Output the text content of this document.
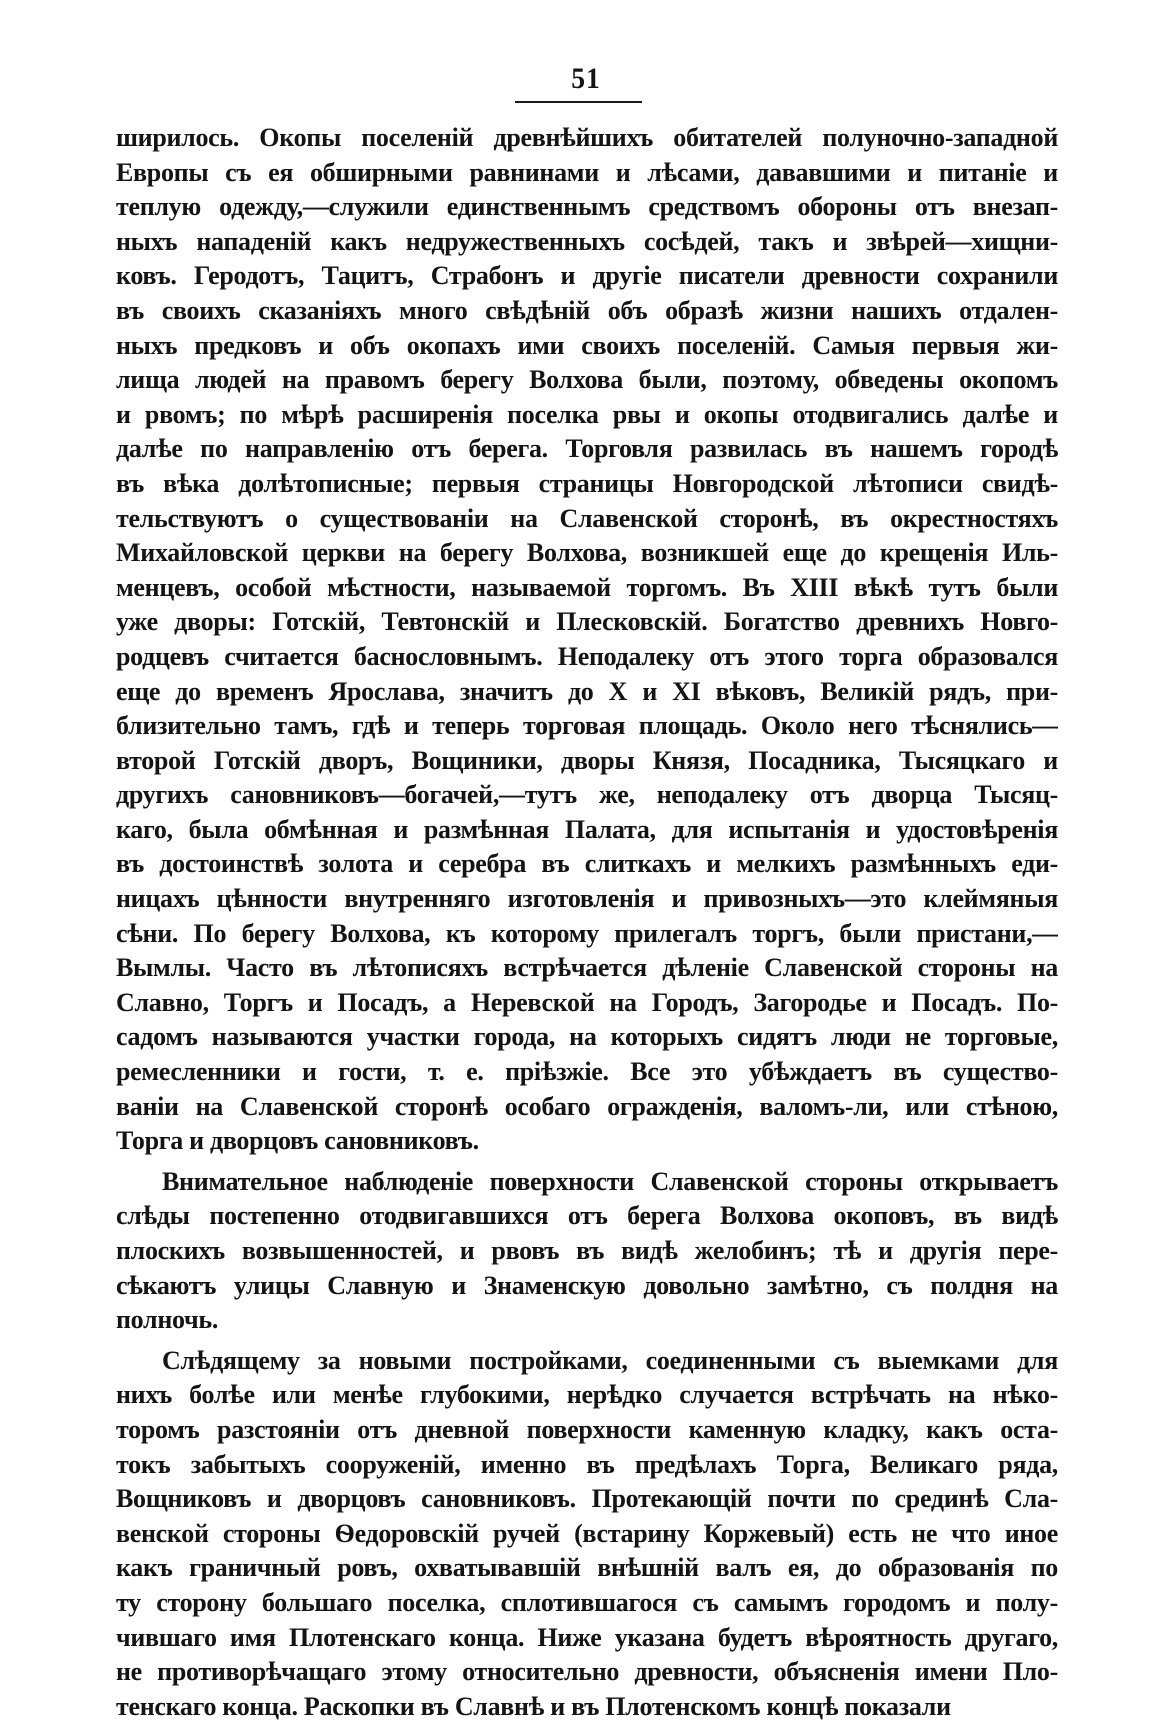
51
ширилось. Окопы поселеній древнѣйшихъ обитателей полуночно-западной
Европы съ ея обширными равнинами и лѣсами, дававшими и питаніе и
теплую одежду,—служили единственнымъ средствомъ обороны отъ внезап-
ныхъ нападеній какъ недружественныхъ сосѣдей, такъ и звѣрей—хищни-
ковъ. Геродотъ, Тацитъ, Страбонъ и другіе писатели древности сохранили
въ своихъ сказаніяхъ много свѣдѣній объ образѣ жизни нашихъ отдален-
ныхъ предковъ и объ окопахъ ими своихъ поселеній. Самыя первыя жи-
лища людей на правомъ берегу Волхова были, поэтому, обведены окопомъ
и рвомъ; по мѣрѣ расширенія поселка рвы и окопы отодвигались далѣе и
далѣе по направленію отъ берега. Торговля развилась въ нашемъ городѣ
въ вѣка долѣтописные; первыя страницы Новгородской лѣтописи свидѣ-
тельствуютъ о существованіи на Славенской сторонѣ, въ окрестностяхъ
Михайловской церкви на берегу Волхова, возникшей еще до крещенія Иль-
менцевъ, особой мѣстности, называемой торгомъ. Въ XIII вѣкѣ тутъ были
уже дворы: Готскій, Тевтонскій и Плесковскій. Богатство древнихъ Новго-
родцевъ считается баснословнымъ. Неподалеку отъ этого торга образовался
еще до временъ Ярослава, значитъ до X и XI вѣковъ, Великій рядъ, при-
близительно тамъ, гдѣ и теперь торговая площадь. Около него тѣснялись—
второй Готскій дворъ, Вощиники, дворы Князя, Посадника, Тысяцкаго и
другихъ сановниковъ—богачей,—тутъ же, неподалеку отъ дворца Тысяц-
каго, была обмѣнная и размѣнная Палата, для испытанія и удостовѣренія
въ достоинствѣ золота и серебра въ слиткахъ и мелкихъ размѣнныхъ еди-
ницахъ цѣнности внутренняго изготовленія и привозныхъ—это клеймяныя
сѣни. По берегу Волхова, къ которому прилегалъ торгъ, были пристани,—
Вымлы. Часто въ лѣтописяхъ встрѣчается дѣленіе Славенской стороны на
Славно, Торгъ и Посадъ, а Неревской на Городъ, Загородье и Посадъ. По-
садомъ называются участки города, на которыхъ сидятъ люди не торговые,
ремесленники и гости, т. е. пріѣзжіе. Все это убѣждаетъ въ существо-
ваніи на Славенской сторонѣ особаго огражденія, валомъ-ли, или стѣною,
Торга и дворцовъ сановниковъ.
Внимательное наблюденіе поверхности Славенской стороны открываетъ
слѣды постепенно отодвигавшихся отъ берега Волхова окоповъ, въ видѣ
плоскихъ возвышенностей, и рвовъ въ видѣ желобинъ; тѣ и другія пере-
сѣкаютъ улицы Славную и Знаменскую довольно замѣтно, съ полдня на
полночь.
Слѣдящему за новыми постройками, соединенными съ выемками для
нихъ болѣе или менѣе глубокими, нерѣдко случается встрѣчать на нѣко-
торомъ разстояніи отъ дневной поверхности каменную кладку, какъ оста-
токъ забытыхъ сооруженій, именно въ предѣлахъ Торга, Великаго ряда,
Вощниковъ и дворцовъ сановниковъ. Протекающій почти по срединѣ Сла-
венской стороны Ѳедоровскій ручей (встарину Коржевый) есть не что иное
какъ граничный ровъ, охватывавшій внѣшній валъ ея, до образованія по
ту сторону большаго поселка, сплотившагося съ самымъ городомъ и полу-
чившаго имя Плотенскаго конца. Ниже указана будетъ вѣроятность другаго,
не противорѣчащаго этому относительно древности, объясненія имени Пло-
тенскаго конца. Раскопки въ Славнѣ и въ Плотенскомъ концѣ показали
